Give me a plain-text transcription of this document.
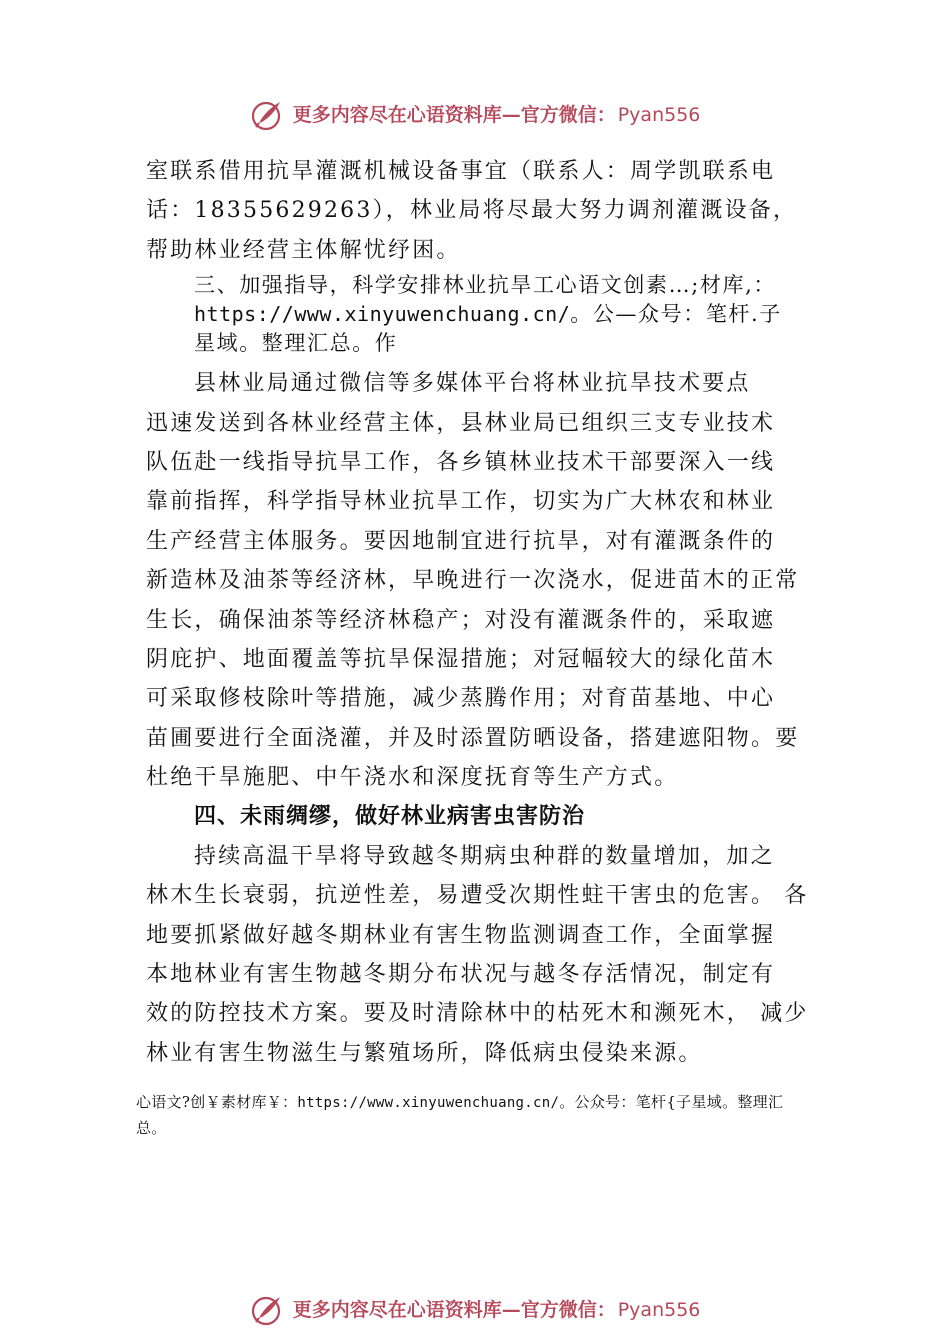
更多内容尽在心语资料库—官方微信： Pyan556
室联系借用抗旱灌溉机械设备事宜（联系人：周学凯联系电
话：18355629263），林业局将尽最大努力调剂灌溉设备，
帮助林业经营主体解忧纾困。
三、加强指导，科学安排林业抗旱工心语文创素…;材库,：
https://www.xinyuwenchuang.cn/。公—众号：笔杆.子
星域。整理汇总。作
县林业局通过微信等多媒体平台将林业抗旱技术要点
迅速发送到各林业经营主体，县林业局已组织三支专业技术
队伍赴一线指导抗旱工作，各乡镇林业技术干部要深入一线
靠前指挥，科学指导林业抗旱工作，切实为广大林农和林业
生产经营主体服务。要因地制宜进行抗旱，对有灌溉条件的
新造林及油茶等经济林，早晚进行一次浇水，促进苗木的正常
生长，确保油茶等经济林稳产；对没有灌溉条件的，采取遮
阴庇护、地面覆盖等抗旱保湿措施；对冠幅较大的绿化苗木
可采取修枝除叶等措施，减少蒸腾作用；对育苗基地、中心
苗圃要进行全面浇灌，并及时添置防晒设备，搭建遮阳物。要
杜绝干旱施肥、中午浇水和深度抚育等生产方式。
四、未雨绸缪，做好林业病害虫害防治
持续高温干旱将导致越冬期病虫种群的数量增加，加之
林木生长衰弱，抗逆性差，易遭受次期性蛀干害虫的危害。 各
地要抓紧做好越冬期林业有害生物监测调查工作，全面掌握
本地林业有害生物越冬期分布状况与越冬存活情况，制定有
效的防控技术方案。要及时清除林中的枯死木和濒死木， 减少
林业有害生物滋生与繁殖场所，降低病虫侵染来源。
心语文?创￥素材库￥：https://www.xinyuwenchuang.cn/。公众号：笔杆{子星域。整理汇
总。
更多内容尽在心语资料库—官方微信： Pyan556
